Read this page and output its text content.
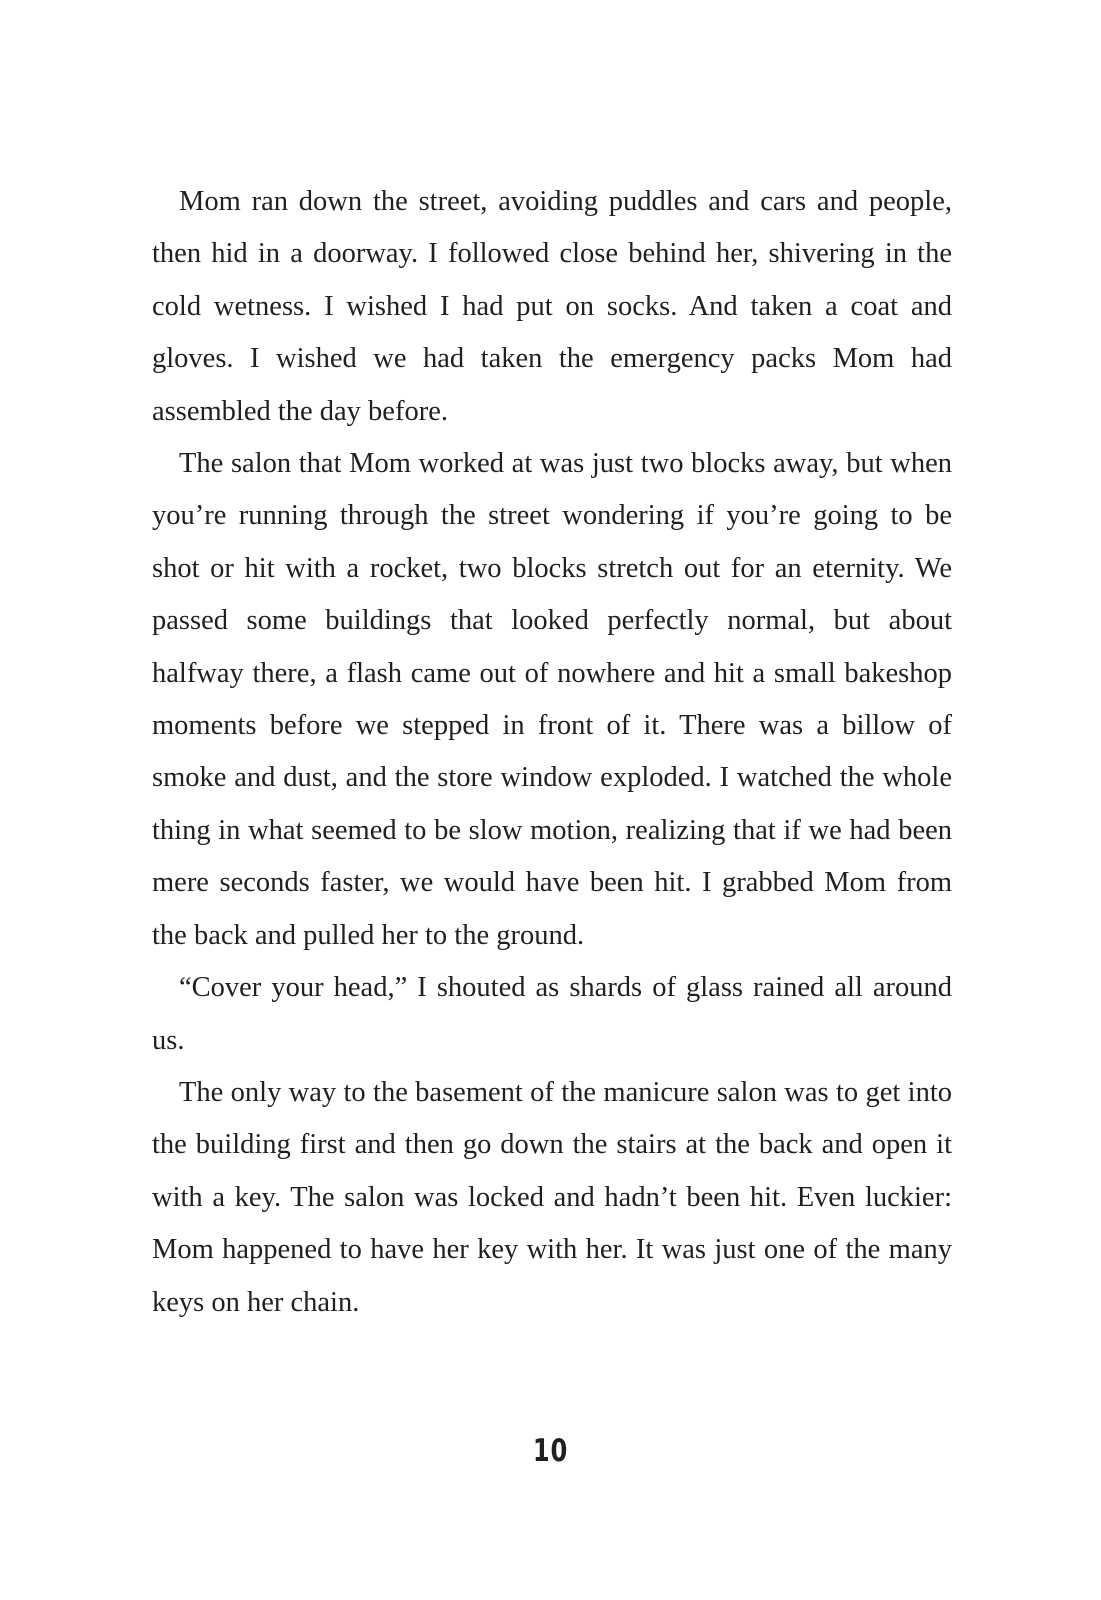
Mom ran down the street, avoiding puddles and cars and people, then hid in a doorway. I followed close behind her, shivering in the cold wetness. I wished I had put on socks. And taken a coat and gloves. I wished we had taken the emergency packs Mom had assembled the day before.

The salon that Mom worked at was just two blocks away, but when you’re running through the street wondering if you’re going to be shot or hit with a rocket, two blocks stretch out for an eternity. We passed some buildings that looked perfectly normal, but about halfway there, a flash came out of nowhere and hit a small bakeshop moments before we stepped in front of it. There was a billow of smoke and dust, and the store window exploded. I watched the whole thing in what seemed to be slow motion, realizing that if we had been mere seconds faster, we would have been hit. I grabbed Mom from the back and pulled her to the ground.

“Cover your head,” I shouted as shards of glass rained all around us.

The only way to the basement of the manicure salon was to get into the building first and then go down the stairs at the back and open it with a key. The salon was locked and hadn’t been hit. Even luckier: Mom happened to have her key with her. It was just one of the many keys on her chain.

10
